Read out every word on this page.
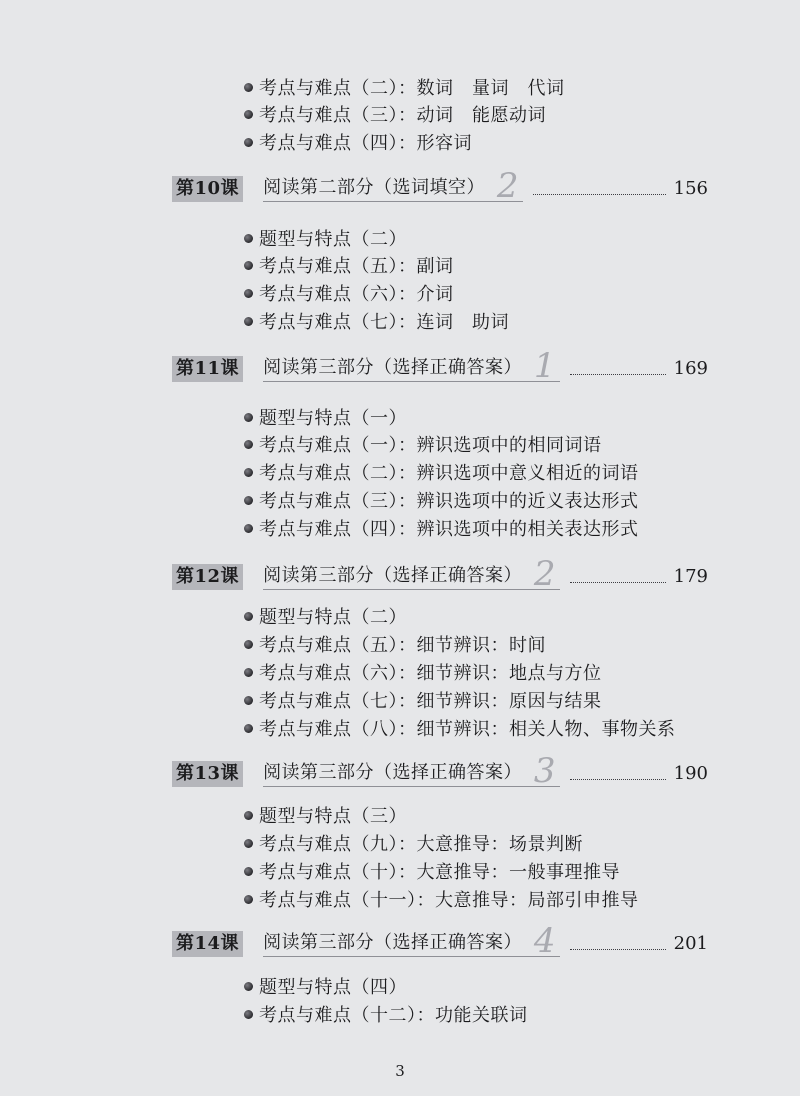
考点与难点（二）：数词　量词　代词
考点与难点（三）：动词　能愿动词
考点与难点（四）：形容词
第10课 阅读第二部分（选词填空） 2	156
题型与特点（二）
考点与难点（五）：副词
考点与难点（六）：介词
考点与难点（七）：连词　助词
第11课 阅读第三部分（选择正确答案） 1	169
题型与特点（一）
考点与难点（一）：辨识选项中的相同词语
考点与难点（二）：辨识选项中意义相近的词语
考点与难点（三）：辨识选项中的近义表达形式
考点与难点（四）：辨识选项中的相关表达形式
第12课 阅读第三部分（选择正确答案） 2	179
题型与特点（二）
考点与难点（五）：细节辨识：时间
考点与难点（六）：细节辨识：地点与方位
考点与难点（七）：细节辨识：原因与结果
考点与难点（八）：细节辨识：相关人物、事物关系
第13课 阅读第三部分（选择正确答案） 3	190
题型与特点（三）
考点与难点（九）：大意推导：场景判断
考点与难点（十）：大意推导：一般事理推导
考点与难点（十一）：大意推导：局部引申推导
第14课 阅读第三部分（选择正确答案） 4	201
题型与特点（四）
考点与难点（十二）：功能关联词
3
